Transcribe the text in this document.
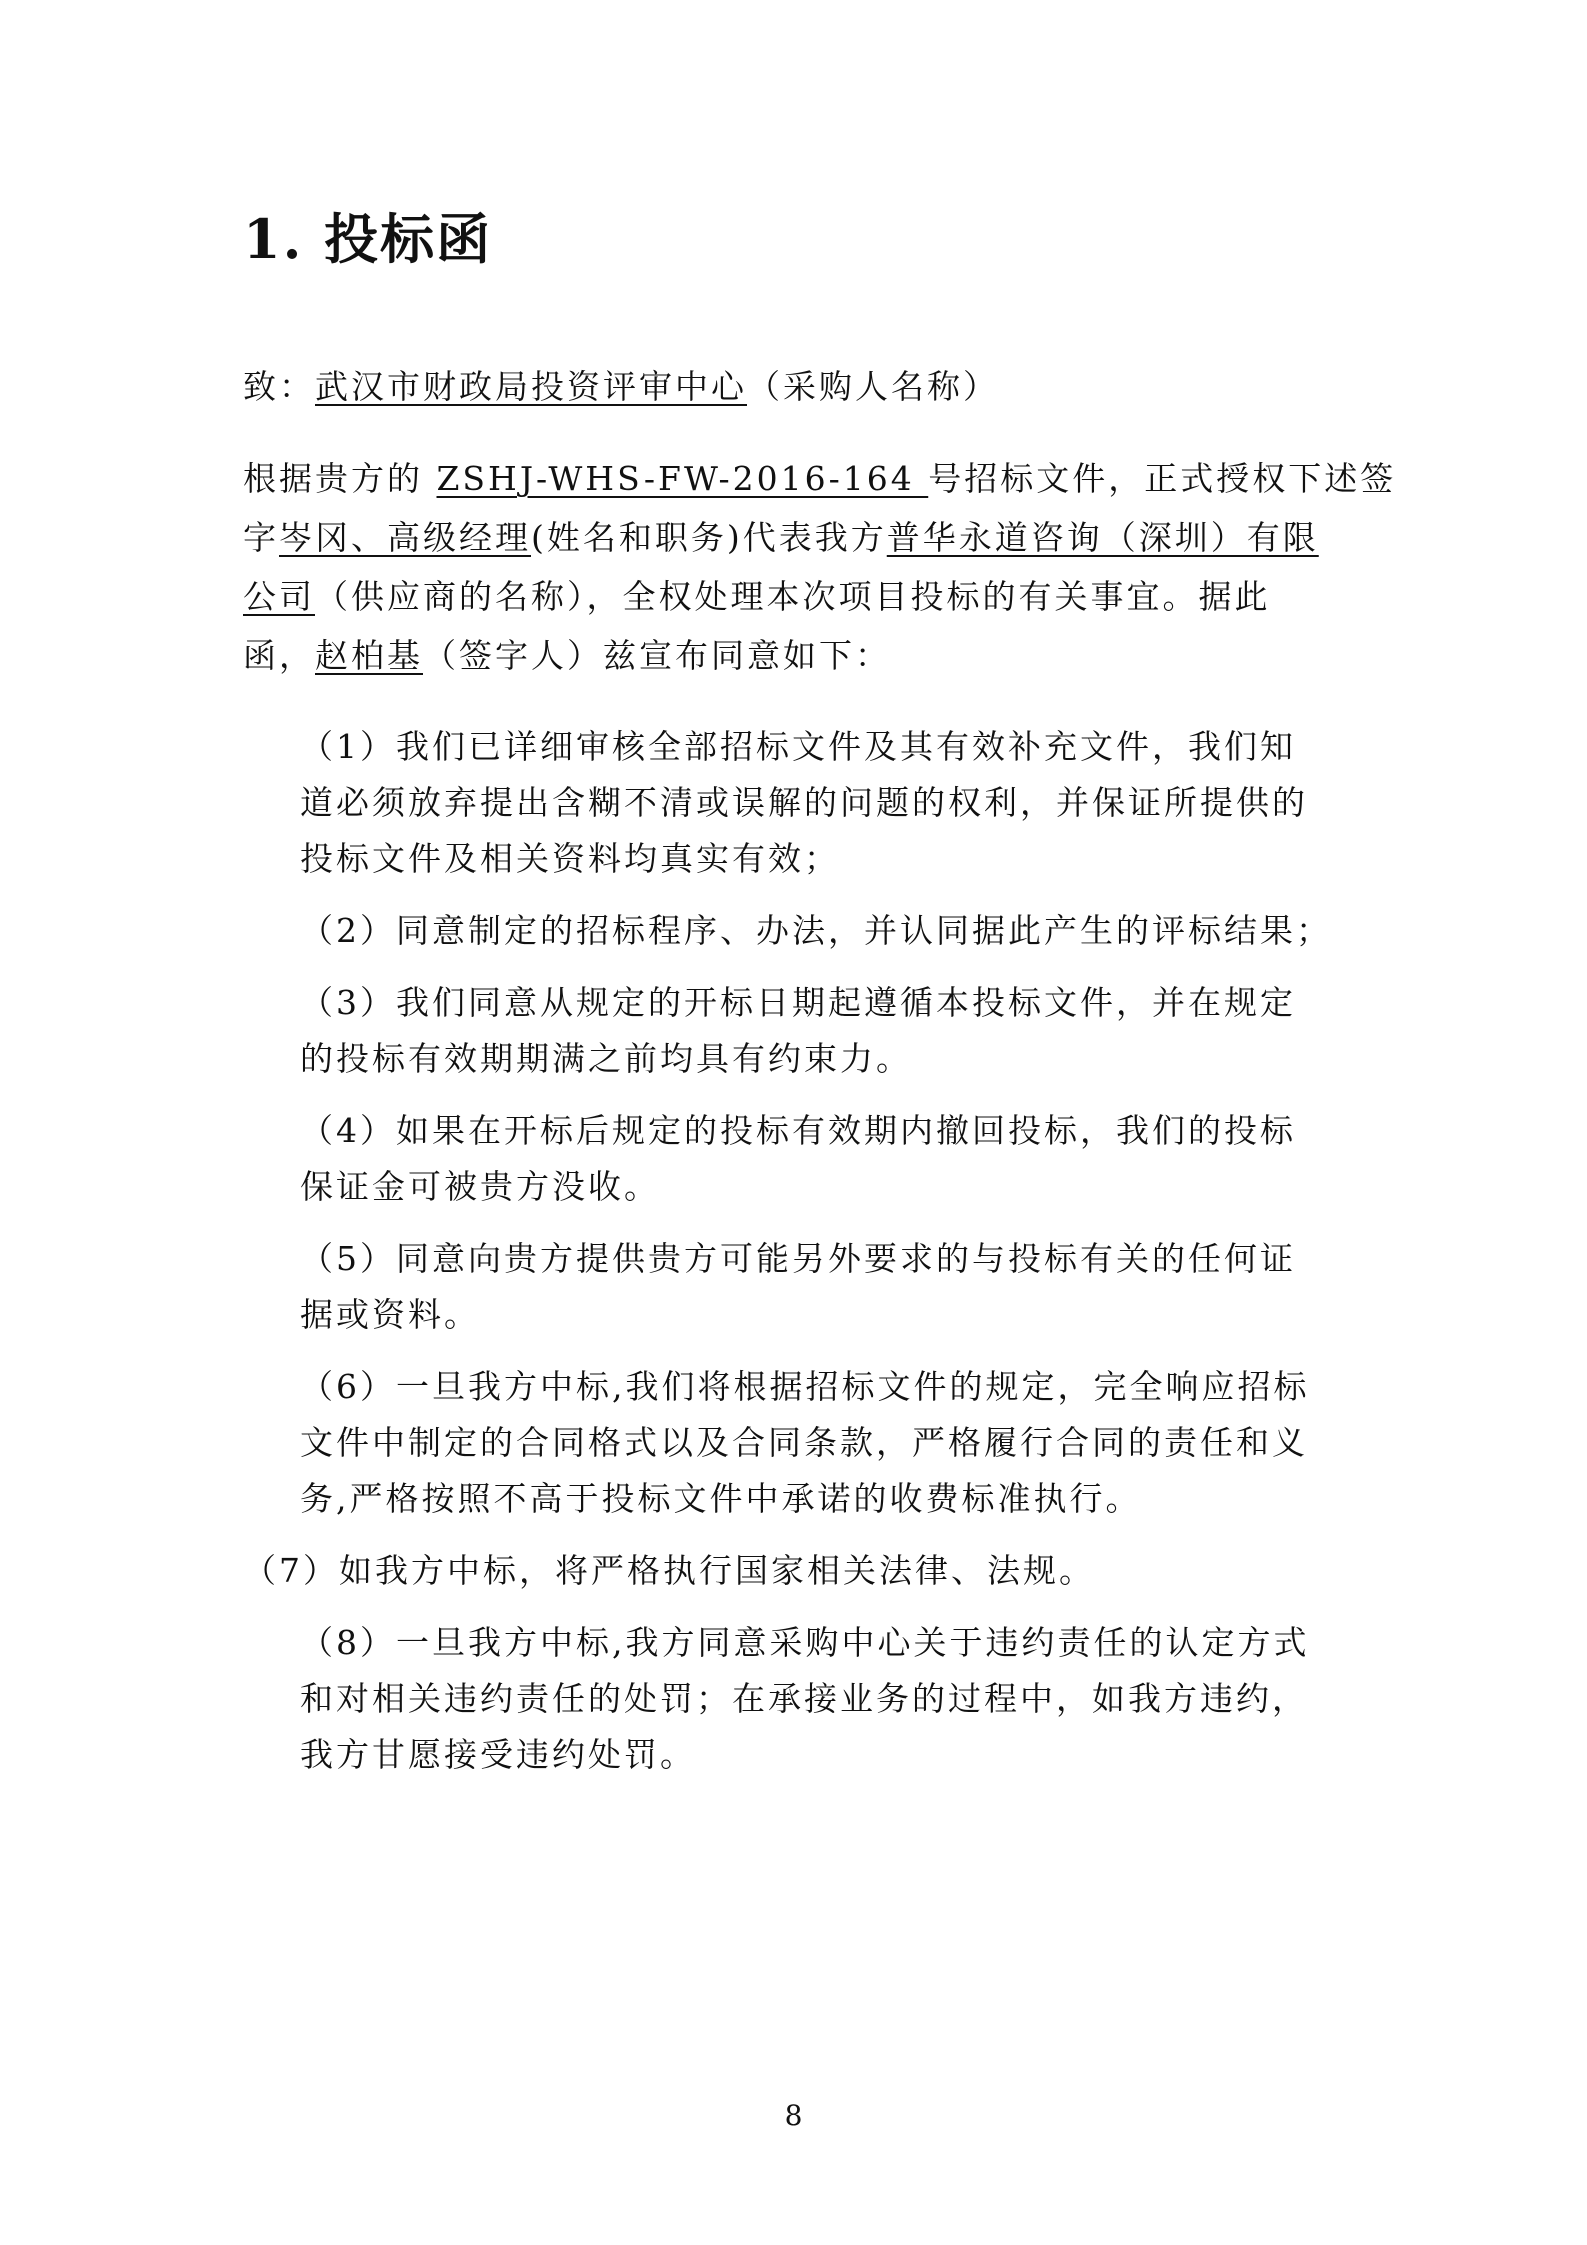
1. 投标函
致：武汉市财政局投资评审中心（采购人名称）
根据贵方的 ZSHJ-WHS-FW-2016-164 号招标文件，正式授权下述签
字岑冈、高级经理(姓名和职务)代表我方普华永道咨询（深圳）有限
公司（供应商的名称），全权处理本次项目投标的有关事宜。据此
函，赵柏基（签字人）兹宣布同意如下：
（1）我们已详细审核全部招标文件及其有效补充文件，我们知
道必须放弃提出含糊不清或误解的问题的权利，并保证所提供的
投标文件及相关资料均真实有效；
（2）同意制定的招标程序、办法，并认同据此产生的评标结果；
（3）我们同意从规定的开标日期起遵循本投标文件，并在规定
的投标有效期期满之前均具有约束力。
（4）如果在开标后规定的投标有效期内撤回投标，我们的投标
保证金可被贵方没收。
（5）同意向贵方提供贵方可能另外要求的与投标有关的任何证
据或资料。
（6）一旦我方中标,我们将根据招标文件的规定，完全响应招标
文件中制定的合同格式以及合同条款，严格履行合同的责任和义
务,严格按照不高于投标文件中承诺的收费标准执行。
（7）如我方中标，将严格执行国家相关法律、法规。
（8）一旦我方中标,我方同意采购中心关于违约责任的认定方式
和对相关违约责任的处罚；在承接业务的过程中，如我方违约，
我方甘愿接受违约处罚。
8
